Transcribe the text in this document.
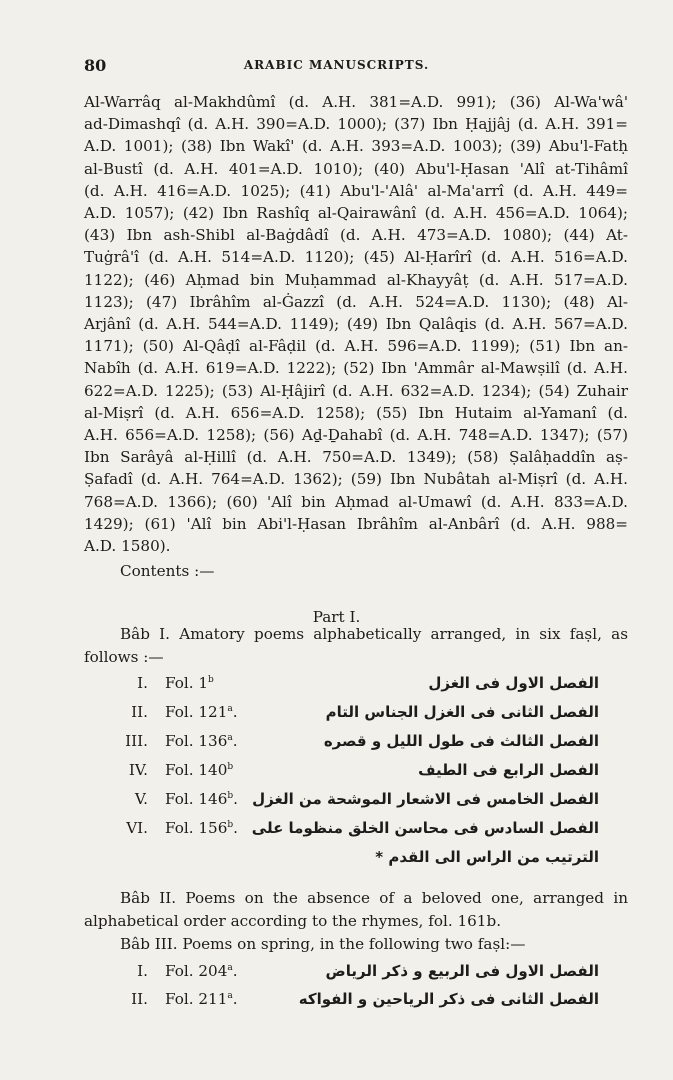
80	ARABIC MANUSCRIPTS.
Al-Warrâq al-Makhdûmî (d. A.H. 381=A.D. 991); (36) Al-Wa'wâ'
ad-Dimashqî (d. A.H. 390=A.D. 1000); (37) Ibn Ḥajjâj (d. A.H. 391=
A.D. 1001); (38) Ibn Wakî' (d. A.H. 393=A.D. 1003); (39) Abu'l-Fatḥ
al-Bustî (d. A.H. 401=A.D. 1010); (40) Abu'l-Ḥasan 'Alî at-Tihâmî
(d. A.H. 416=A.D. 1025); (41) Abu'l-'Alâ' al-Ma'arrî (d. A.H. 449=
A.D. 1057); (42) Ibn Rashîq al-Qairawânî (d. A.H. 456=A.D. 1064);
(43) Ibn ash-Shibl al-Baġdâdî (d. A.H. 473=A.D. 1080); (44) At-
Tuġrâ'î (d. A.H. 514=A.D. 1120); (45) Al-Ḥarîrî (d. A.H. 516=A.D.
1122); (46) Aḥmad bin Muḥammad al-Khayyâṭ (d. A.H. 517=A.D.
1123); (47) Ibrâhîm al-Ġazzî (d. A.H. 524=A.D. 1130); (48) Al-
Arjânî (d. A.H. 544=A.D. 1149); (49) Ibn Qalâqis (d. A.H. 567=A.D.
1171); (50) Al-Qâḍî al-Fâḍil (d. A.H. 596=A.D. 1199); (51) Ibn an-
Nabîh (d. A.H. 619=A.D. 1222); (52) Ibn 'Ammâr al-Mawṣilî (d. A.H.
622=A.D. 1225); (53) Al-Ḥâjirî (d. A.H. 632=A.D. 1234); (54) Zuhair
al-Miṣrî (d. A.H. 656=A.D. 1258); (55) Ibn Hutaim al-Yamanî (d.
A.H. 656=A.D. 1258); (56) Aḏ-Ḏahabî (d. A.H. 748=A.D. 1347); (57)
Ibn Sarâyâ al-Ḥillî (d. A.H. 750=A.D. 1349); (58) Ṣalâḥaddîn aṣ-
Ṣafadî (d. A.H. 764=A.D. 1362); (59) Ibn Nubâtah al-Miṣrî (d. A.H.
768=A.D. 1366); (60) 'Alî bin Aḥmad al-Umawî (d. A.H. 833=A.D.
1429); (61) 'Alî bin Abi'l-Ḥasan Ibrâhîm al-Anbârî (d. A.H. 988=
A.D. 1580).
Contents :—
Part I.
Bâb I. Amatory poems alphabetically arranged, in six faṣl, as
follows :—
I. Fol. 1$^b$	الفصل الاول فى الغزل
II. Fol. 121$^a$.	الفصل الثانى فى الغزل الجناس التام
III. Fol. 136$^a$.	الفصل الثالث فى طول الليل و قصره
IV. Fol. 140$^b$	الفصل الرابع فى الطيف
V. Fol. 146$^b$. الفصل الخامس فى الاشعار الموشحة من الغزل
VI. Fol. 156$^b$. الفصل السادس فى محاسن الخلق منظوما على
الترتيب من الراس الى القدم *
Bâb II. Poems on the absence of a beloved one, arranged in
alphabetical order according to the rhymes, fol. 161b.
Bâb III. Poems on spring, in the following two faṣl:—
I. Fol. 204$^a$.	الفصل الاول فى الربيع و ذكر الرياض
II. Fol. 211$^a$.	الفصل الثانى فى ذكر الرياحين و الفواكه
